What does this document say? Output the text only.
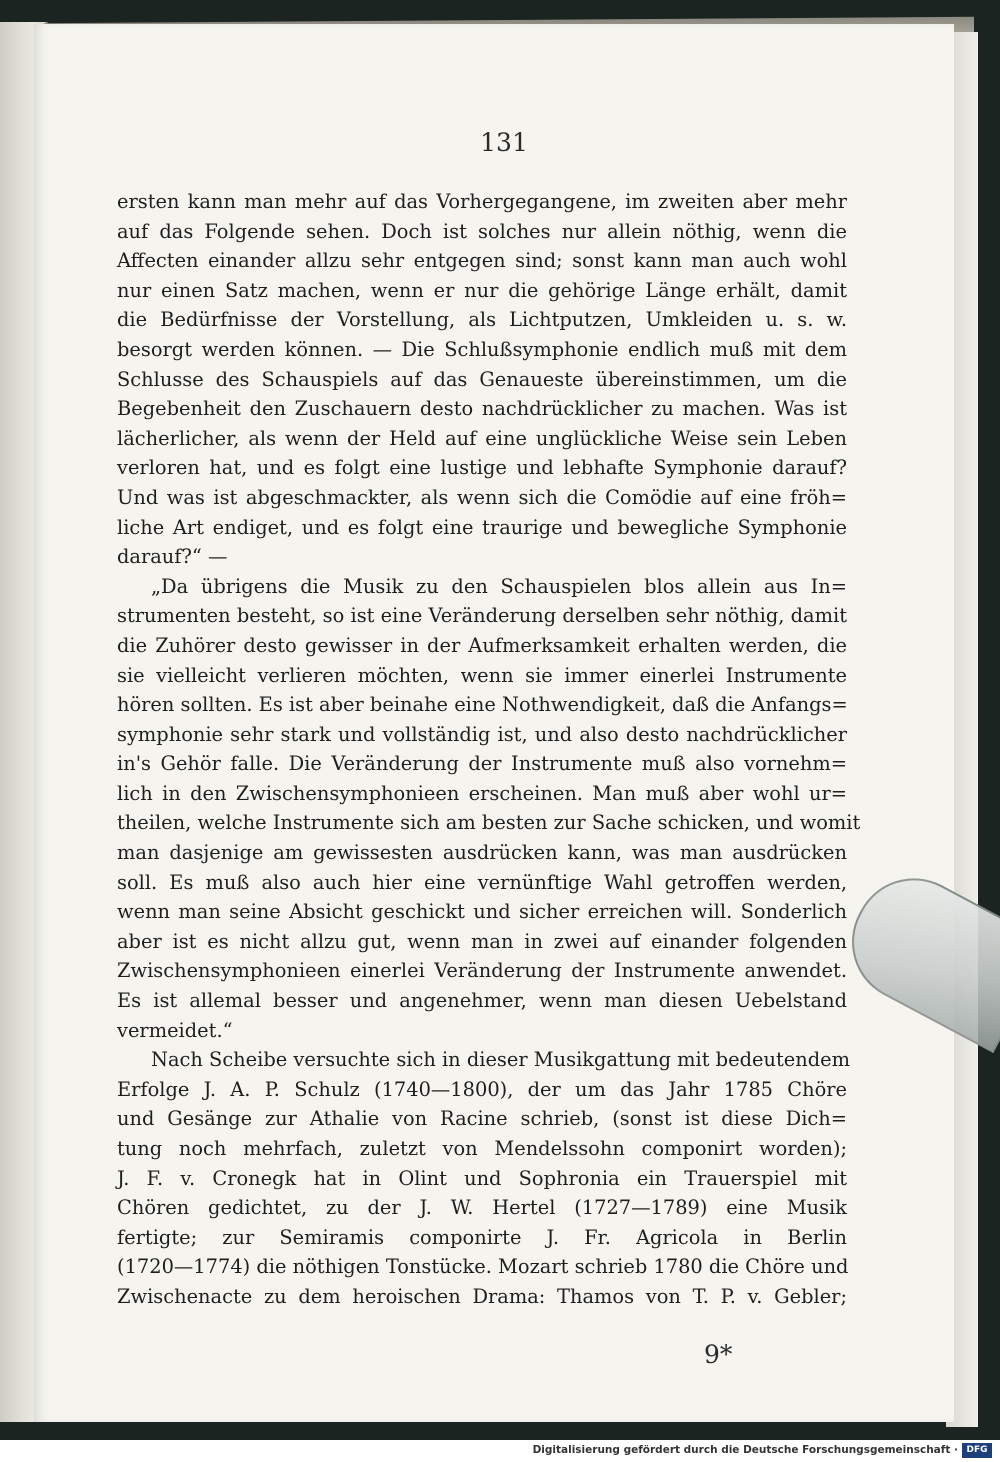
131
ersten kann man mehr auf das Vorhergegangene, im zweiten aber mehr
auf das Folgende sehen. Doch ist solches nur allein nöthig, wenn die
Affecten einander allzu sehr entgegen sind; sonst kann man auch wohl
nur einen Satz machen, wenn er nur die gehörige Länge erhält, damit
die Bedürfnisse der Vorstellung, als Lichtputzen, Umkleiden u. s. w.
besorgt werden können. — Die Schlußsymphonie endlich muß mit dem
Schlusse des Schauspiels auf das Genaueste übereinstimmen, um die
Begebenheit den Zuschauern desto nachdrücklicher zu machen. Was ist
lächerlicher, als wenn der Held auf eine unglückliche Weise sein Leben
verloren hat, und es folgt eine lustige und lebhafte Symphonie darauf?
Und was ist abgeschmackter, als wenn sich die Comödie auf eine fröh=
liche Art endiget, und es folgt eine traurige und bewegliche Symphonie
darauf?“ —
„Da übrigens die Musik zu den Schauspielen blos allein aus In=
strumenten besteht, so ist eine Veränderung derselben sehr nöthig, damit
die Zuhörer desto gewisser in der Aufmerksamkeit erhalten werden, die
sie vielleicht verlieren möchten, wenn sie immer einerlei Instrumente
hören sollten. Es ist aber beinahe eine Nothwendigkeit, daß die Anfangs=
symphonie sehr stark und vollständig ist, und also desto nachdrücklicher
in's Gehör falle. Die Veränderung der Instrumente muß also vornehm=
lich in den Zwischensymphonieen erscheinen. Man muß aber wohl ur=
theilen, welche Instrumente sich am besten zur Sache schicken, und womit
man dasjenige am gewissesten ausdrücken kann, was man ausdrücken
soll. Es muß also auch hier eine vernünftige Wahl getroffen werden,
wenn man seine Absicht geschickt und sicher erreichen will. Sonderlich
aber ist es nicht allzu gut, wenn man in zwei auf einander folgenden
Zwischensymphonieen einerlei Veränderung der Instrumente anwendet.
Es ist allemal besser und angenehmer, wenn man diesen Uebelstand
vermeidet.“
Nach Scheibe versuchte sich in dieser Musikgattung mit bedeutendem
Erfolge J. A. P. Schulz (1740—1800), der um das Jahr 1785 Chöre
und Gesänge zur Athalie von Racine schrieb, (sonst ist diese Dich=
tung noch mehrfach, zuletzt von Mendelssohn componirt worden);
J. F. v. Cronegk hat in Olint und Sophronia ein Trauerspiel mit
Chören gedichtet, zu der J. W. Hertel (1727—1789) eine Musik
fertigte; zur Semiramis componirte J. Fr. Agricola in Berlin
(1720—1774) die nöthigen Tonstücke. Mozart schrieb 1780 die Chöre und
Zwischenacte zu dem heroischen Drama: Thamos von T. P. v. Gebler;
9*
Digitalisierung gefördert durch die Deutsche Forschungsgemeinschaft · DFG
